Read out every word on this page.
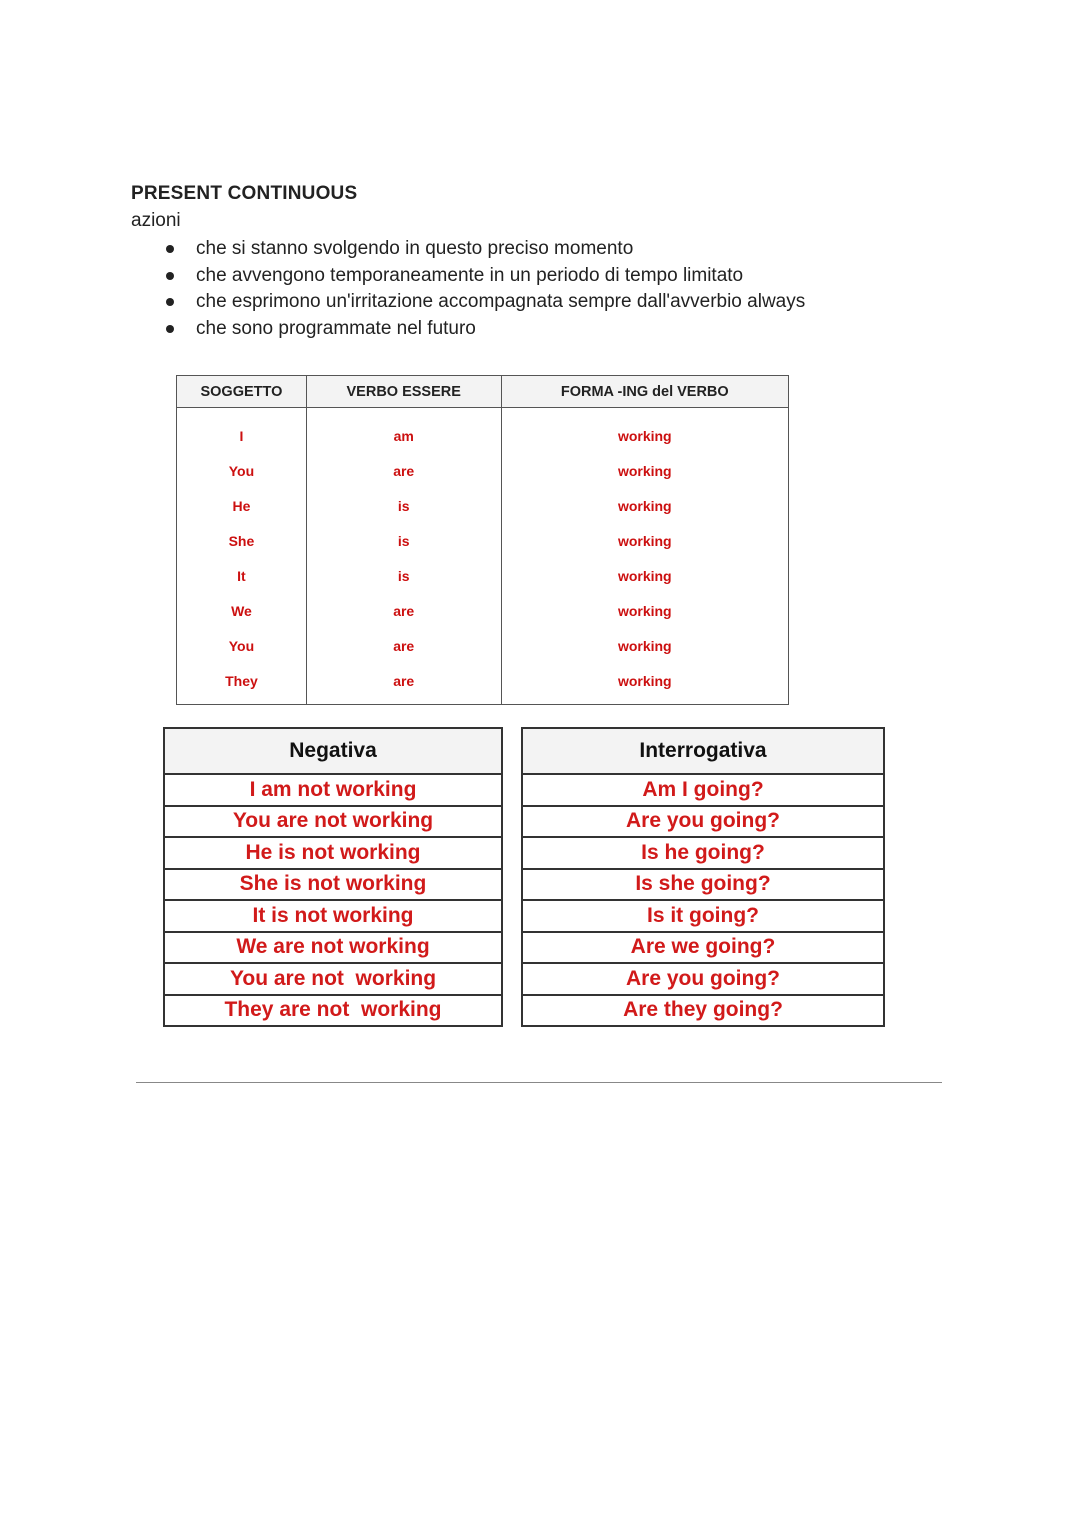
PRESENT CONTINUOUS
azioni
che si stanno svolgendo in questo preciso momento
che avvengono temporaneamente in un periodo di tempo limitato
che esprimono un'irritazione accompagnata sempre dall'avverbio always
che sono programmate nel futuro
SOGGETTO	VERBO ESSERE	FORMA -ING del VERBO
I	am	working
You	are	working
He	is	working
She	is	working
It	is	working
We	are	working
You	are	working
They	are	working
Negativa
I am not working
You are not working
He is not working
She is not working
It is not working
We are not working
You are not  working
They are not  working
Interrogativa
Am I going?
Are you going?
Is he going?
Is she going?
Is it going?
Are we going?
Are you going?
Are they going?
